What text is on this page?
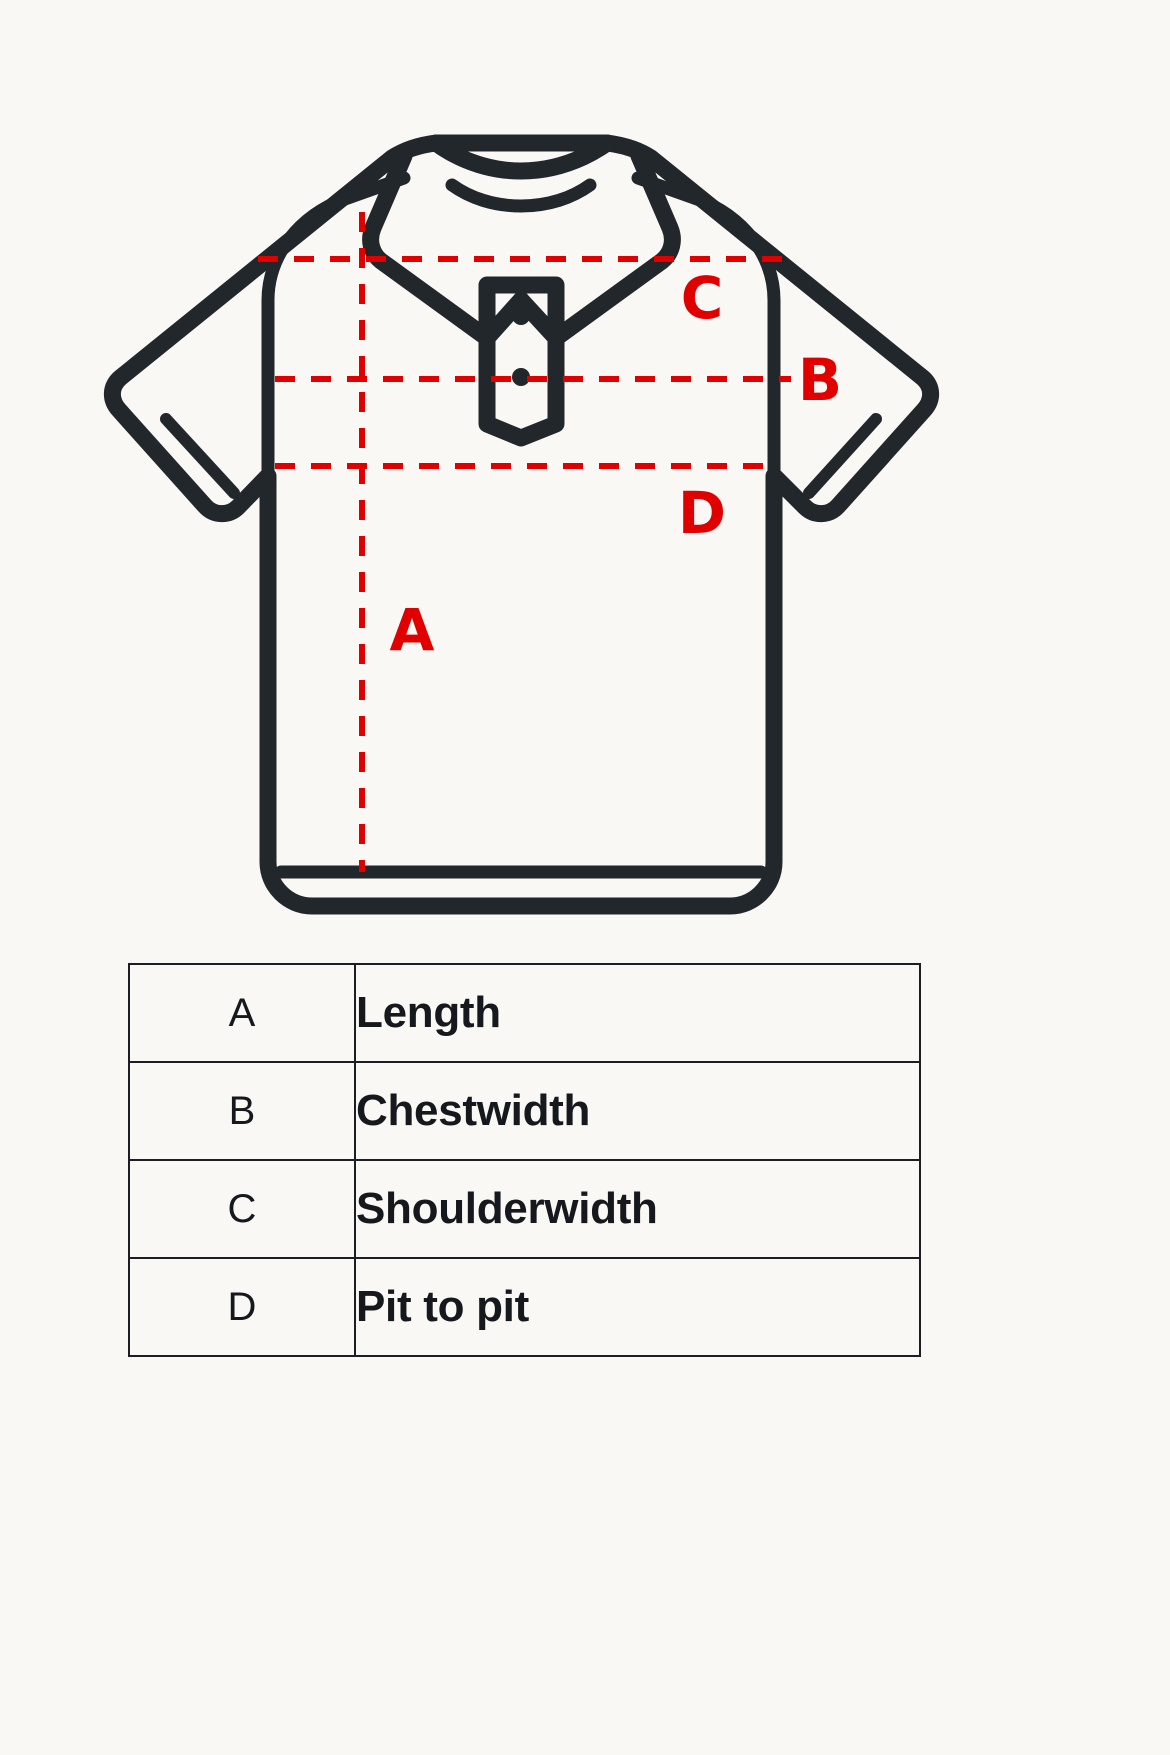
C
B
D
A
A	Length
B	Chestwidth
C	Shoulderwidth
D	Pit to pit
